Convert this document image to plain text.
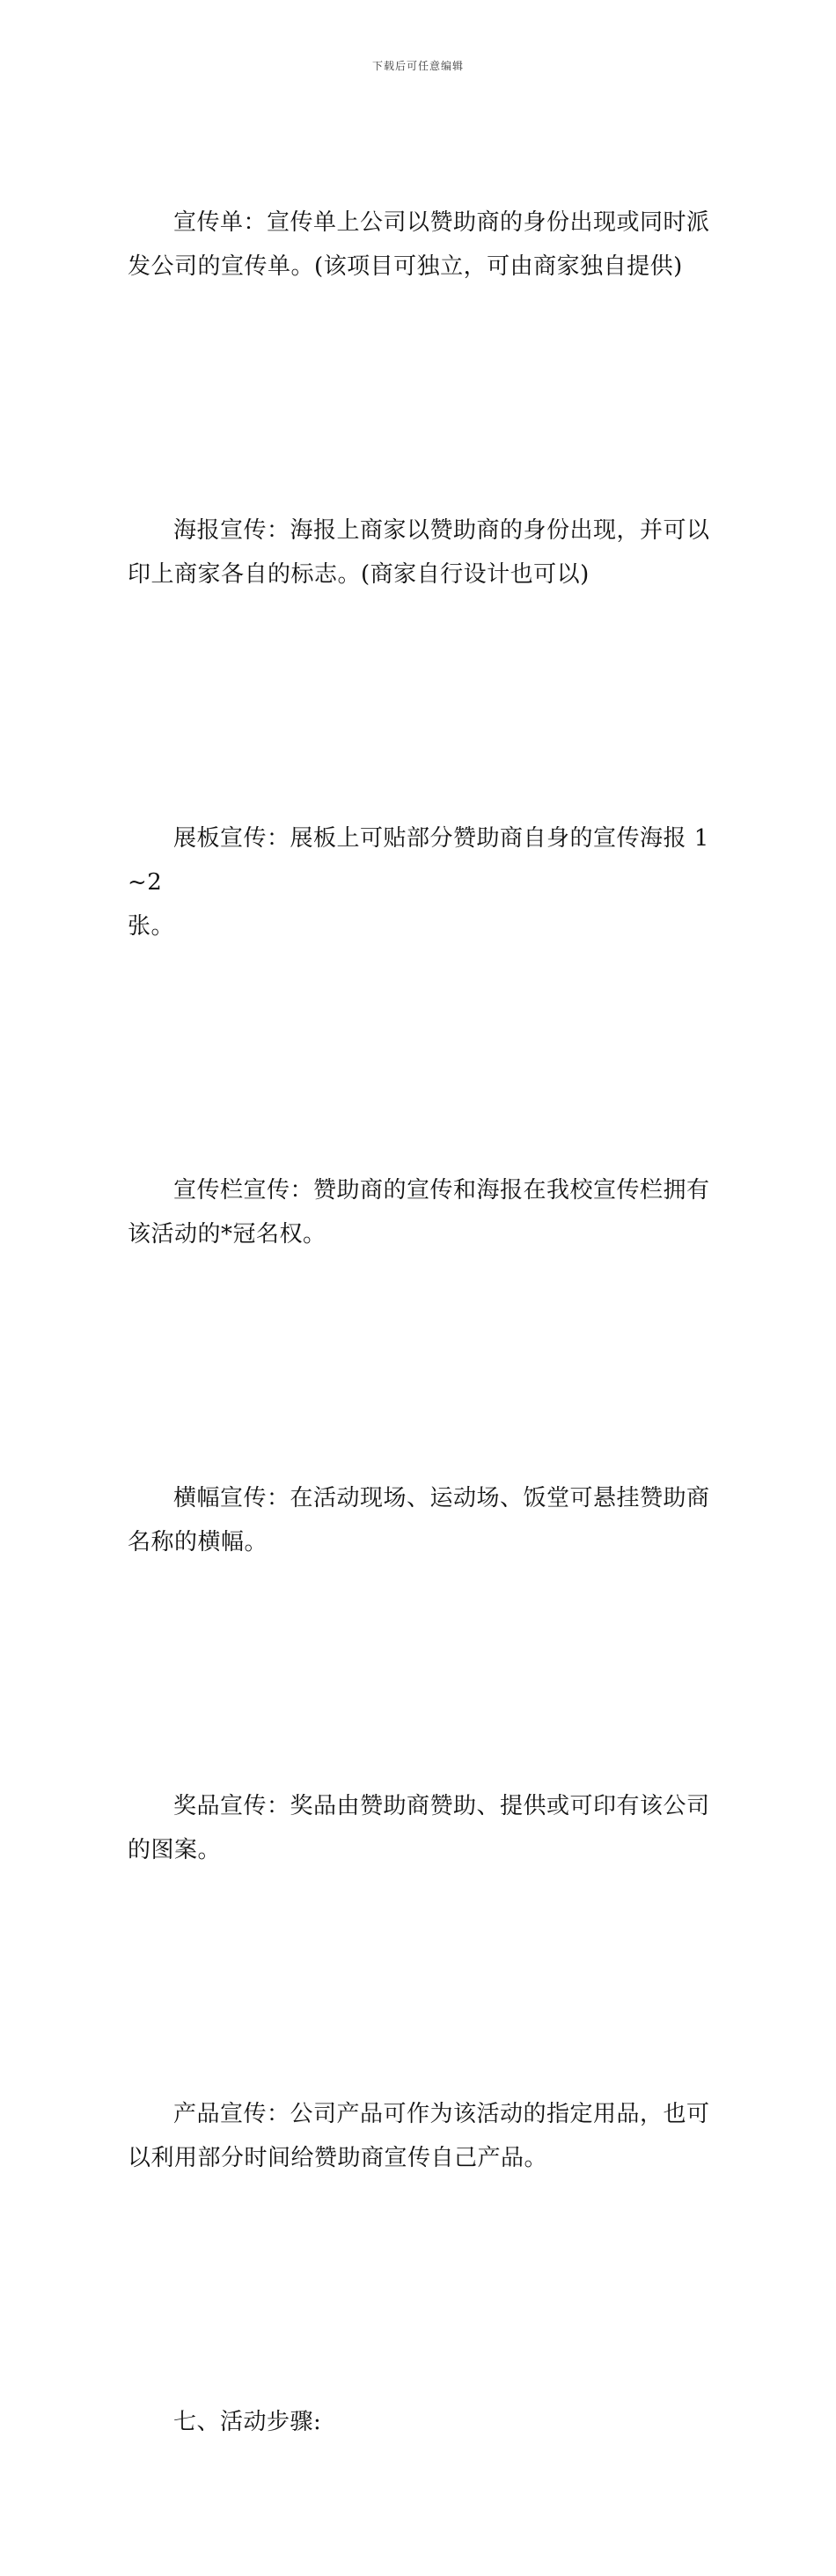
下载后可任意编辑

宣传单：宣传单上公司以赞助商的身份出现或同时派
发公司的宣传单。(该项目可独立，可由商家独自提供)

海报宣传：海报上商家以赞助商的身份出现，并可以
印上商家各自的标志。(商家自行设计也可以)

展板宣传：展板上可贴部分赞助商自身的宣传海报 1~2
张。

宣传栏宣传：赞助商的宣传和海报在我校宣传栏拥有
该活动的*冠名权。

横幅宣传：在活动现场、运动场、饭堂可悬挂赞助商
名称的横幅。

奖品宣传：奖品由赞助商赞助、提供或可印有该公司
的图案。

产品宣传：公司产品可作为该活动的指定用品，也可
以利用部分时间给赞助商宣传自己产品。

七、活动步骤:
